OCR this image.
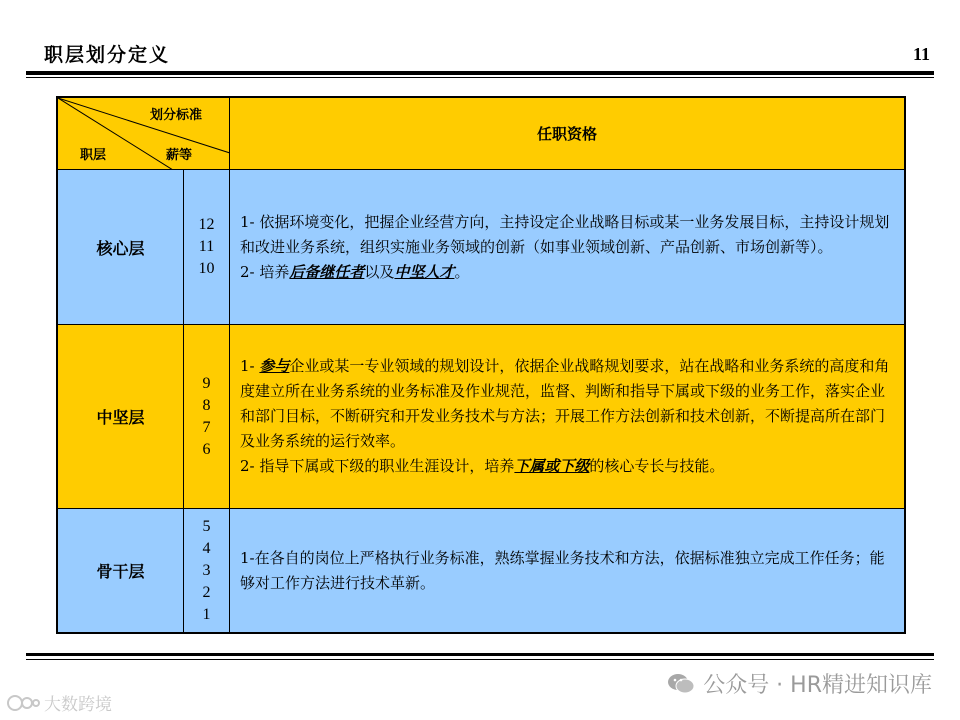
职层划分定义	11
划分标准
薪等
职层
任职资格
核心层
12
11
10
1- 依据环境变化，把握企业经营方向，主持设定企业战略目标或某一业务发展目标，主持设计规划和改进业务系统，组织实施业务领域的创新（如事业领域创新、产品创新、市场创新等）。
2- 培养后备继任者以及中坚人才。
中坚层
9
8
7
6
1- 参与企业或某一专业领域的规划设计，依据企业战略规划要求，站在战略和业务系统的高度和角度建立所在业务系统的业务标准及作业规范，监督、判断和指导下属或下级的业务工作，落实企业和部门目标，不断研究和开发业务技术与方法；开展工作方法创新和技术创新，不断提高所在部门及业务系统的运行效率。
2- 指导下属或下级的职业生涯设计，培养下属或下级的核心专长与技能。
骨干层
5
4
3
2
1
1-在各自的岗位上严格执行业务标准，熟练掌握业务技术和方法，依据标准独立完成工作任务；能够对工作方法进行技术革新。
公众号 · HR精进知识库
大数跨境
